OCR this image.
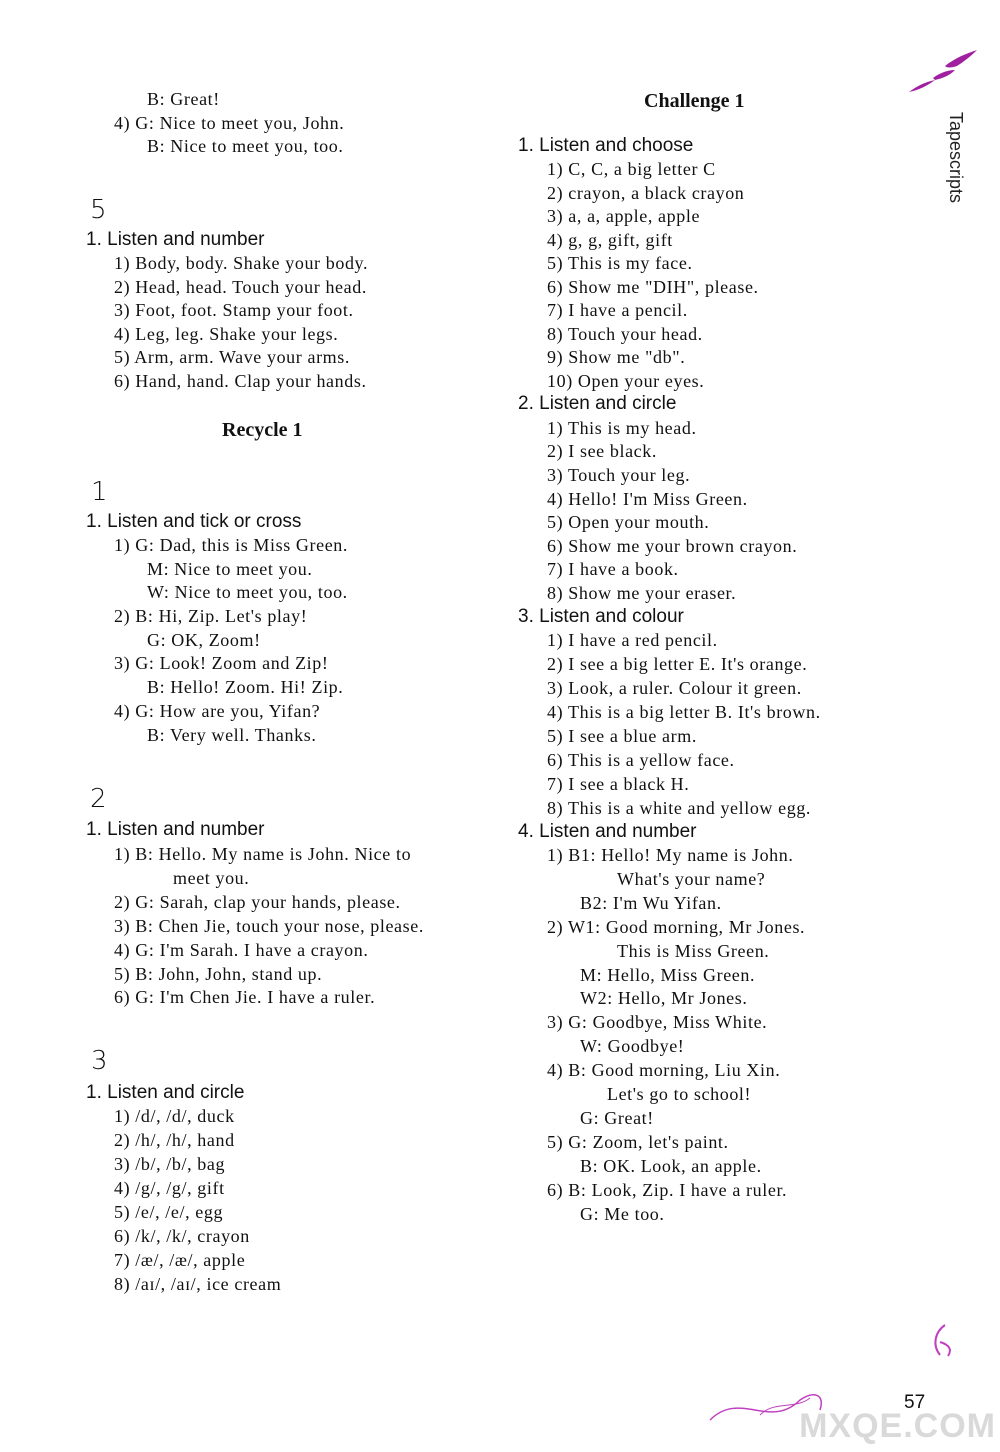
B: Great!
4) G: Nice to meet you, John.
B: Nice to meet you, too.
5
1. Listen and number
1) Body, body. Shake your body.
2) Head, head. Touch your head.
3) Foot, foot. Stamp your foot.
4) Leg, leg. Shake your legs.
5) Arm, arm. Wave your arms.
6) Hand, hand. Clap your hands.
Recycle 1
1
1. Listen and tick or cross
1) G: Dad, this is Miss Green.
M: Nice to meet you.
W: Nice to meet you, too.
2) B: Hi, Zip. Let's play!
G: OK, Zoom!
3) G: Look! Zoom and Zip!
B: Hello! Zoom. Hi! Zip.
4) G: How are you, Yifan?
B: Very well. Thanks.
2
1. Listen and number
1) B: Hello. My name is John. Nice to
meet you.
2) G: Sarah, clap your hands, please.
3) B: Chen Jie, touch your nose, please.
4) G: I'm Sarah. I have a crayon.
5) B: John, John, stand up.
6) G: I'm Chen Jie. I have a ruler.
3
1. Listen and circle
1) /d/, /d/, duck
2) /h/, /h/, hand
3) /b/, /b/, bag
4) /g/, /g/, gift
5) /e/, /e/, egg
6) /k/, /k/, crayon
7) /æ/, /æ/, apple
8) /aɪ/, /aɪ/, ice cream
Challenge 1
1. Listen and choose
1) C, C, a big letter C
2) crayon, a black crayon
3) a, a, apple, apple
4) g, g, gift, gift
5) This is my face.
6) Show me "DIH", please.
7) I have a pencil.
8) Touch your head.
9) Show me "db".
10) Open your eyes.
2. Listen and circle
1) This is my head.
2) I see black.
3) Touch your leg.
4) Hello! I'm Miss Green.
5) Open your mouth.
6) Show me your brown crayon.
7) I have a book.
8) Show me your eraser.
3. Listen and colour
1) I have a red pencil.
2) I see a big letter E. It's orange.
3) Look, a ruler. Colour it green.
4) This is a big letter B. It's brown.
5) I see a blue arm.
6) This is a yellow face.
7) I see a black H.
8) This is a white and yellow egg.
4. Listen and number
1) B1: Hello! My name is John.
What's your name?
B2: I'm Wu Yifan.
2) W1: Good morning, Mr Jones.
This is Miss Green.
M: Hello, Miss Green.
W2: Hello, Mr Jones.
3) G: Goodbye, Miss White.
W: Goodbye!
4) B: Good morning, Liu Xin.
Let's go to school!
G: Great!
5) G: Zoom, let's paint.
B: OK. Look, an apple.
6) B: Look, Zip. I have a ruler.
G: Me too.
Tapescripts
57
MXQE.COM
